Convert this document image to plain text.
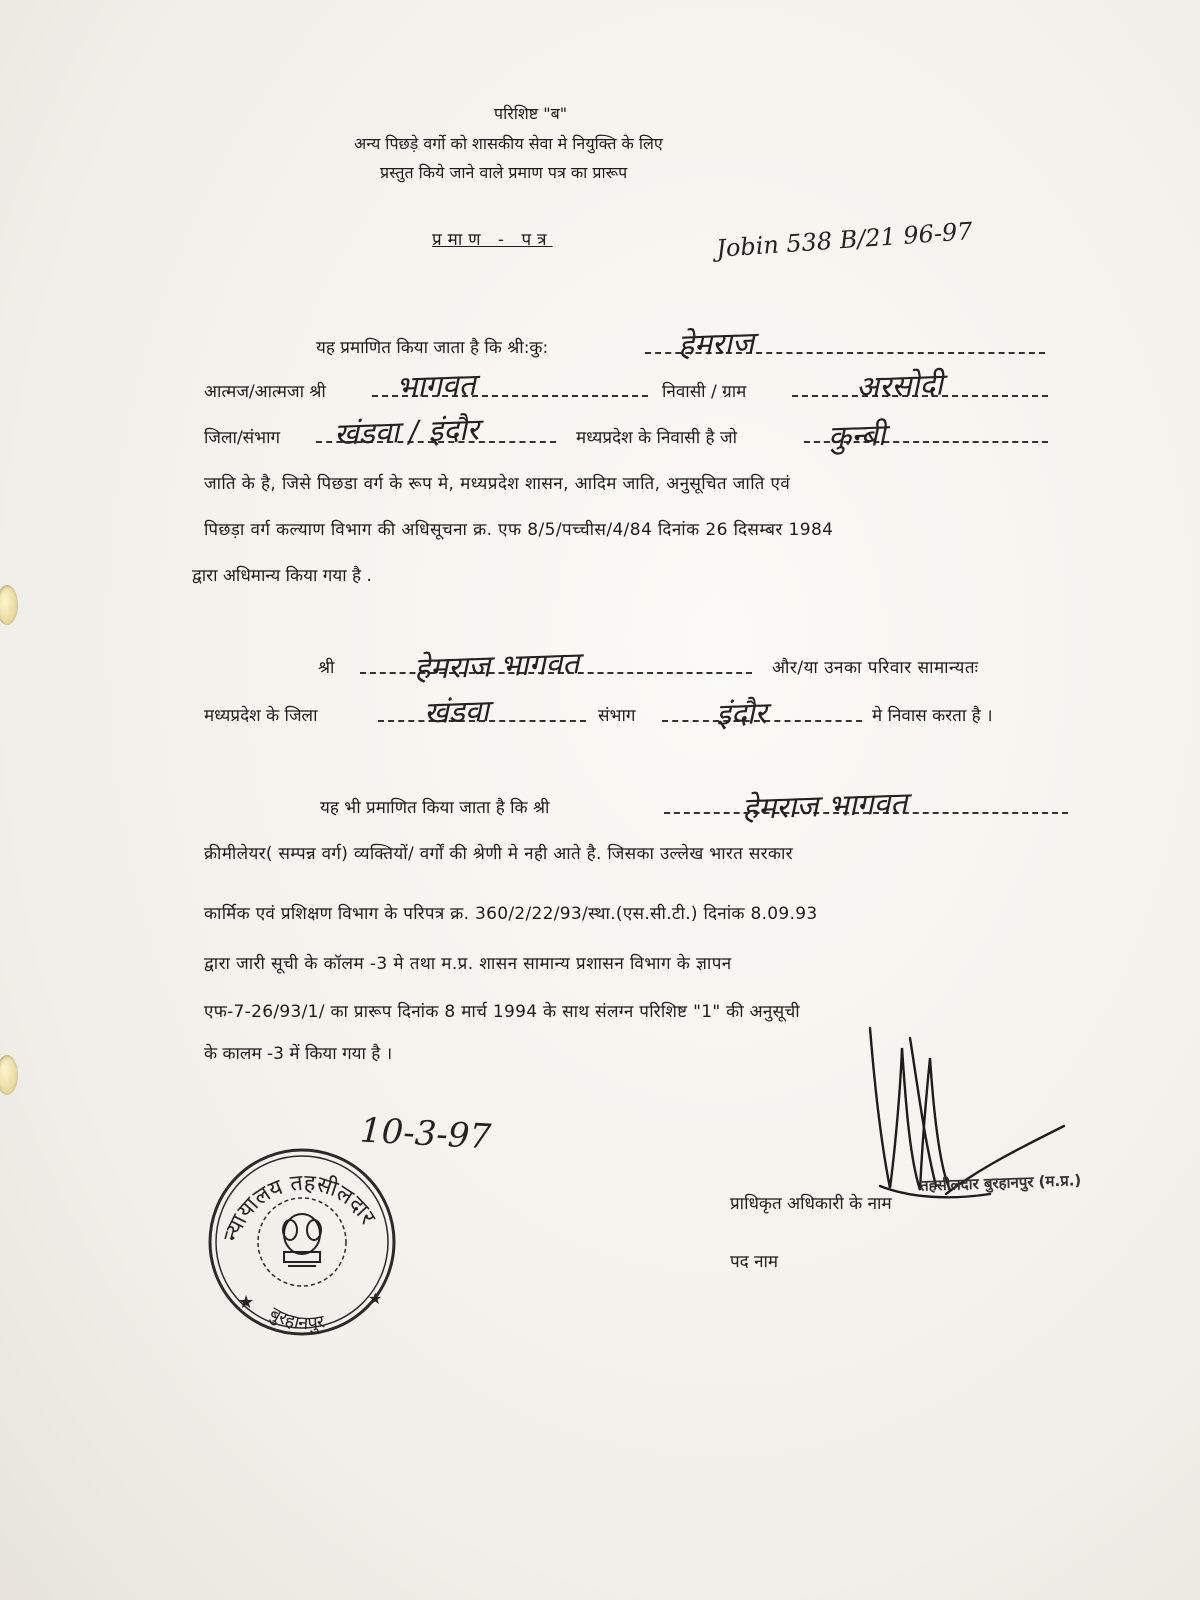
परिशिष्ट "ब"
अन्य पिछड़े वर्गो को शासकीय सेवा मे नियुक्ति के लिए
प्रस्तुत किये जाने वाले प्रमाण पत्र का प्रारूप
प्रमाण - पत्र	Jobin 538 B/21 96-97
यह प्रमाणित किया जाता है कि श्री:कु:	हेमराज
आत्मज/आत्मजा श्री भागवत	निवासी / ग्राम	अरसोदी
जिला/संभाग खंडवा / इंदौर	मध्यप्रदेश के निवासी है जो	कुन्बी
जाति के है, जिसे पिछडा वर्ग के रूप मे, मध्यप्रदेश शासन, आदिम जाति, अनुसूचित जाति एवं
पिछड़ा वर्ग कल्याण विभाग की अधिसूचना क्र. एफ 8/5/पच्चीस/4/84 दिनांक 26 दिसम्बर 1984
द्वारा अधिमान्य किया गया है .
श्री	हेमराज भागवत	और/या उनका परिवार सामान्यतः
मध्यप्रदेश के जिला	खंडवा	संभाग	इंदौर	मे निवास करता है ।
यह भी प्रमाणित किया जाता है कि श्री	हेमराज भागवत
क्रीमीलेयर( सम्पन्न वर्ग) व्यक्तियों/ वर्गों की श्रेणी मे नही आते है. जिसका उल्लेख भारत सरकार
कार्मिक एवं प्रशिक्षण विभाग के परिपत्र क्र. 360/2/22/93/स्था.(एस.सी.टी.) दिनांक 8.09.93
द्वारा जारी सूची के कॉलम -3 मे तथा म.प्र. शासन सामान्य प्रशासन विभाग के ज्ञापन
एफ-7-26/93/1/ का प्रारूप दिनांक 8 मार्च 1994 के साथ संलग्न परिशिष्ट "1" की अनुसूची
के कालम -3 में किया गया है ।
10-3-97
न्यायालय तहसीलदार
बुरहानपुर
★	★
प्राधिकृत अधिकारी के नाम
तहसीलदार बुरहानपुर (म.प्र.)
पद नाम
